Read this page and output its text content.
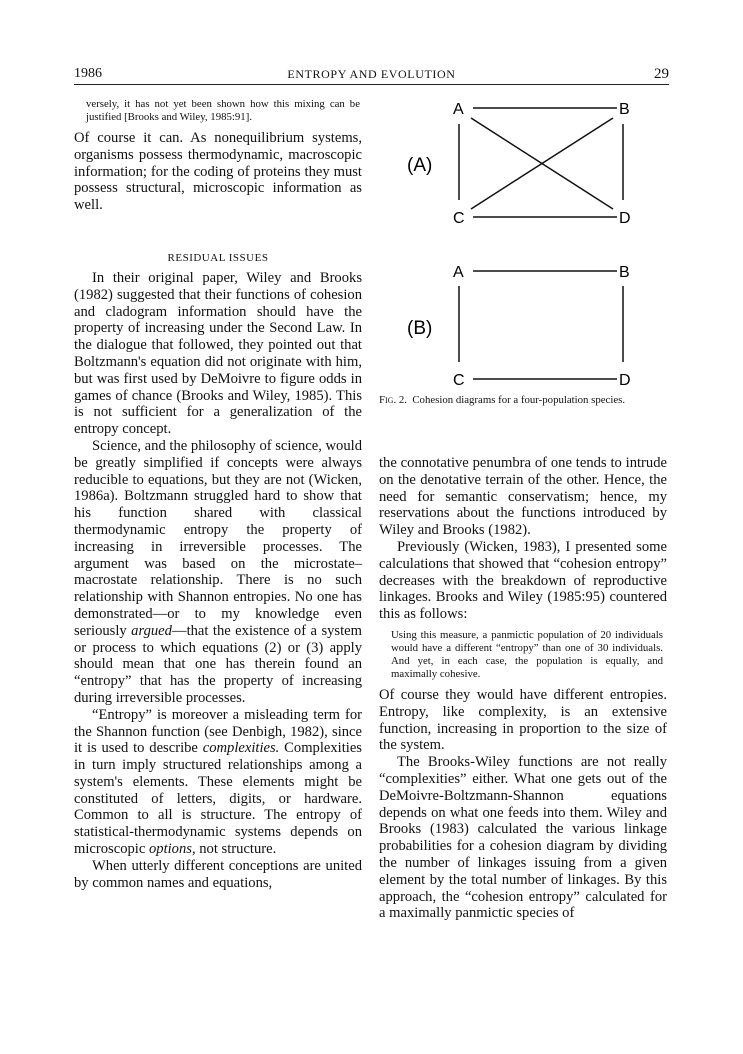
1986	ENTROPY AND EVOLUTION	29

versely, it has not yet been shown how this mixing can be justified [Brooks and Wiley, 1985:91].

Of course it can. As nonequilibrium systems, organisms possess thermodynamic, macroscopic information; for the coding of proteins they must possess structural, microscopic information as well.

RESIDUAL ISSUES

In their original paper, Wiley and Brooks (1982) suggested that their functions of cohesion and cladogram information should have the property of increasing under the Second Law. In the dialogue that followed, they pointed out that Boltzmann's equation did not originate with him, but was first used by DeMoivre to figure odds in games of chance (Brooks and Wiley, 1985). This is not sufficient for a generalization of the entropy concept.

Science, and the philosophy of science, would be greatly simplified if concepts were always reducible to equations, but they are not (Wicken, 1986a). Boltzmann struggled hard to show that his function shared with classical thermodynamic entropy the property of increasing in irreversible processes. The argument was based on the microstate–macrostate relationship. There is no such relationship with Shannon entropies. No one has demonstrated—or to my knowledge even seriously argued—that the existence of a system or process to which equations (2) or (3) apply should mean that one has therein found an “entropy” that has the property of increasing during irreversible processes.

“Entropy” is moreover a misleading term for the Shannon function (see Denbigh, 1982), since it is used to describe complexities. Complexities in turn imply structured relationships among a system's elements. These elements might be constituted of letters, digits, or hardware. Common to all is structure. The entropy of statistical-thermodynamic systems depends on microscopic options, not structure.

When utterly different conceptions are united by common names and equations,

(A)
A	B
C	D
(B)
A	B
C	D
Fig. 2. Cohesion diagrams for a four-population species.

the connotative penumbra of one tends to intrude on the denotative terrain of the other. Hence, the need for semantic conservatism; hence, my reservations about the functions introduced by Wiley and Brooks (1982).

Previously (Wicken, 1983), I presented some calculations that showed that “cohesion entropy” decreases with the breakdown of reproductive linkages. Brooks and Wiley (1985:95) countered this as follows:

Using this measure, a panmictic population of 20 individuals would have a different “entropy” than one of 30 individuals. And yet, in each case, the population is equally, and maximally cohesive.

Of course they would have different entropies. Entropy, like complexity, is an extensive function, increasing in proportion to the size of the system.

The Brooks-Wiley functions are not really “complexities” either. What one gets out of the DeMoivre-Boltzmann-Shannon equations depends on what one feeds into them. Wiley and Brooks (1983) calculated the various linkage probabilities for a cohesion diagram by dividing the number of linkages issuing from a given element by the total number of linkages. By this approach, the “cohesion entropy” calculated for a maximally panmictic species of
